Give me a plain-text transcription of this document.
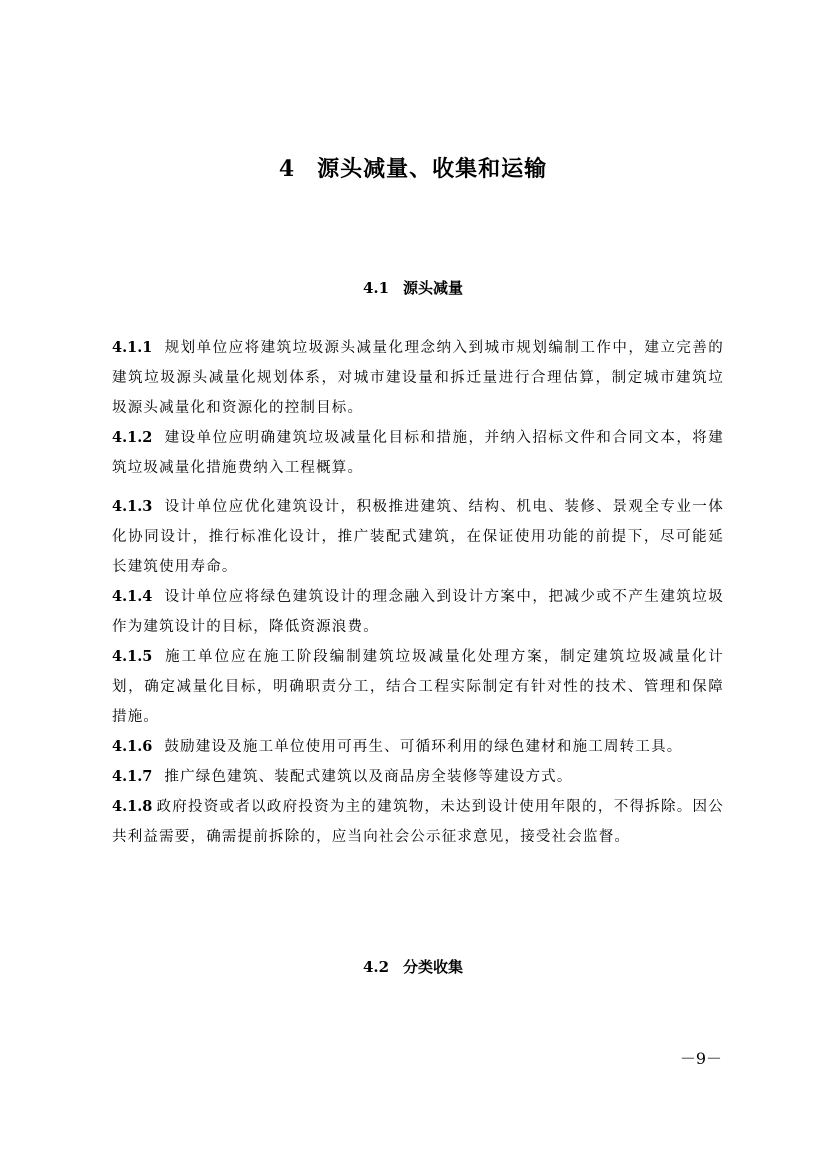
4 源头减量、收集和运输
4.1 源头减量

4.1.1 规划单位应将建筑垃圾源头减量化理念纳入到城市规划编制工作中，建立完善的建筑垃圾源头减量化规划体系，对城市建设量和拆迁量进行合理估算，制定城市建筑垃圾源头减量化和资源化的控制目标。

4.1.2 建设单位应明确建筑垃圾减量化目标和措施，并纳入招标文件和合同文本，将建筑垃圾减量化措施费纳入工程概算。

4.1.3 设计单位应优化建筑设计，积极推进建筑、结构、机电、装修、景观全专业一体化协同设计，推行标准化设计，推广装配式建筑，在保证使用功能的前提下，尽可能延长建筑使用寿命。

4.1.4 设计单位应将绿色建筑设计的理念融入到设计方案中，把减少或不产生建筑垃圾作为建筑设计的目标，降低资源浪费。

4.1.5 施工单位应在施工阶段编制建筑垃圾减量化处理方案，制定建筑垃圾减量化计划，确定减量化目标，明确职责分工，结合工程实际制定有针对性的技术、管理和保障措施。

4.1.6 鼓励建设及施工单位使用可再生、可循环利用的绿色建材和施工周转工具。

4.1.7 推广绿色建筑、装配式建筑以及商品房全装修等建设方式。

4.1.8 政府投资或者以政府投资为主的建筑物，未达到设计使用年限的，不得拆除。因公共利益需要，确需提前拆除的，应当向社会公示征求意见，接受社会监督。

4.2 分类收集
－9－
